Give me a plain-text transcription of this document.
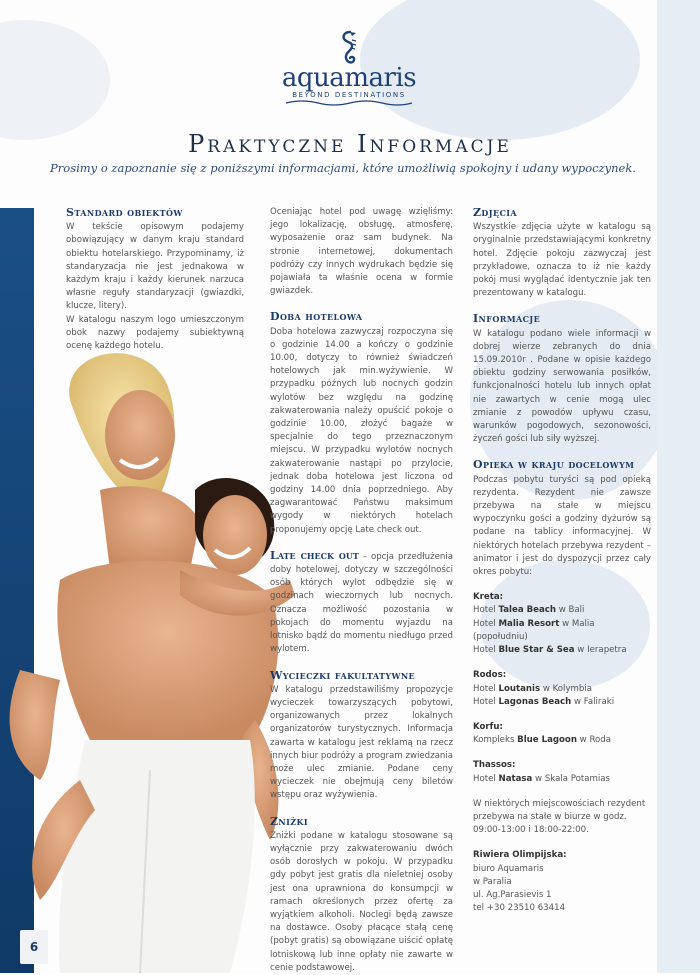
aquamaris
BEYOND DESTINATIONS
Praktyczne Informacje
Prosimy o zapoznanie się z poniższymi informacjami, które umożliwią spokojny i udany wypoczynek.
Standard obiektów

W tekście opisowym podajemy obowiązujący w danym kraju standard obiektu hotelarskiego. Przypominamy, iż standaryzacja nie jest jednakowa w każdym kraju i każdy kierunek narzuca własne reguły standaryzacji (gwiazdki, klucze, litery).

W katalogu naszym logo umieszczonym obok nazwy podajemy subiektywną ocenę każdego hotelu.

Oceniając hotel pod uwagę wzięliśmy: jego lokalizację, obsługę, atmosferę, wyposażenie oraz sam budynek. Na stronie internetowej, dokumentach podróży czy innych wydrukach będzie się pojawiała ta właśnie ocena w formie gwiazdek.

Doba hotelowa

Doba hotelowa zazwyczaj rozpoczyna się o godzinie 14.00 a kończy o godzinie 10.00, dotyczy to również świadczeń hotelowych jak min.wyżywienie. W przypadku późnych lub nocnych godzin wylotów bez względu na godzinę zakwaterowania należy opuścić pokoje o godzinie 10.00, złożyć bagaże w specjalnie do tego przeznaczonym miejscu. W przypadku wylotów nocnych zakwaterowanie nastąpi po przylocie, jednak doba hotelowa jest liczona od godziny 14.00 dnia poprzedniego. Aby zagwarantować Państwu maksimum wygody w niektórych hotelach proponujemy opcję Late check out.

Late check out – opcja przedłużenia doby hotelowej, dotyczy w szczególności osób których wylot odbędzie się w godzinach wieczornych lub nocnych. Oznacza możliwość pozostania w pokojach do momentu wyjazdu na lotnisko bądź do momentu niedługo przed wylotem.

Wycieczki fakultatywne

W katalogu przedstawiliśmy propozycje wycieczek towarzyszących pobytowi, organizowanych przez lokalnych organizatorów turystycznych. Informacja zawarta w katalogu jest reklamą na rzecz innych biur podróży a program zwiedzania może ulec zmianie. Podane ceny wycieczek nie obejmują ceny biletów wstępu oraz wyżywienia.

Zniżki

Zniżki podane w katalogu stosowane są wyłącznie przy zakwaterowaniu dwóch osób dorosłych w pokoju. W przypadku gdy pobyt jest gratis dla nieletniej osoby jest ona uprawniona do konsumpcji w ramach określonych przez ofertę za wyjątkiem alkoholi. Noclegi będą zawsze na dostawce. Osoby płacące stałą cenę (pobyt gratis) są obowiązane uiścić opłatę lotniskową lub inne opłaty nie zawarte w cenie podstawowej.

Zdjęcia

Wszystkie zdjęcia użyte w katalogu są oryginalnie przedstawiającymi konkretny hotel. Zdjęcie pokoju zazwyczaj jest przykładowe, oznacza to iż nie każdy pokój musi wyglądać identycznie jak ten prezentowany w katalogu.

Informacje

W katalogu podano wiele informacji w dobrej wierze zebranych do dnia 15.09.2010r . Podane w opisie każdego obiektu godziny serwowania posiłków, funkcjonalności hotelu lub innych opłat nie zawartych w cenie mogą ulec zmianie z powodów upływu czasu, warunków pogodowych, sezonowości, życzeń gości lub siły wyższej.

Opieka w kraju docelowym

Podczas pobytu turyści są pod opieką rezydenta. Rezydent nie zawsze przebywa na stałe w miejscu wypoczynku gości a godziny dyżurów są podane na tablicy informacyjnej. W niektórych hotelach przebywa rezydent – animator i jest do dyspozycji przez cały okres pobytu:

Kreta:

Hotel Talea Beach w Bali

Hotel Malia Resort w Malia (popołudniu)

Hotel Blue Star & Sea w Ierapetra

Rodos:

Hotel Loutanis w Kolymbia

Hotel Lagonas Beach w Faliraki

Korfu:

Kompleks Blue Lagoon w Roda

Thassos:

Hotel Natasa w Skala Potamias

W niektórych miejscowościach rezydent przebywa na stałe w biurze w godz. 09:00-13:00 i 18:00-22:00.

Riwiera Olimpijska:

biuro Aquamaris

w Paralia

ul. Ag.Parasievis 1

tel +30 23510 63414

6
